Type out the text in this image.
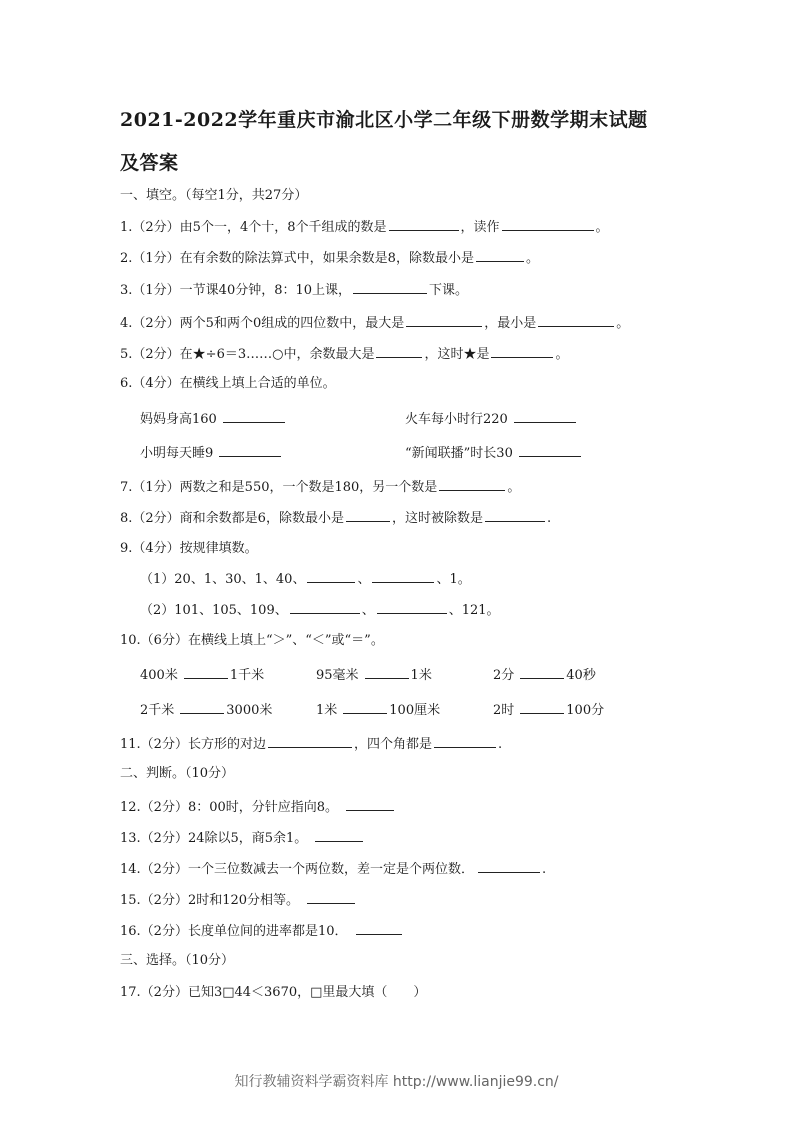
2021-2022学年重庆市渝北区小学二年级下册数学期末试题
及答案
一、填空。（每空1分，共27分）
1.（2分）由5个一，4个十，8个千组成的数是	，读作	。
2.（1分）在有余数的除法算式中，如果余数是8，除数最小是	。
3.（1分）一节课40分钟，8：10上课，	下课。
4.（2分）两个5和两个0组成的四位数中，最大是	，最小是	。
5.（2分）在★÷6＝3……○中，余数最大是	，这时★是	。
6.（4分）在横线上填上合适的单位。
妈妈身高160	火车每小时行220
小明每天睡9	“新闻联播”时长30
7.（1分）两数之和是550，一个数是180，另一个数是	。
8.（2分）商和余数都是6，除数最小是	，这时被除数是	.
9.（4分）按规律填数。
（1）20、1、30、1、40、	、	、1。
（2）101、105、109、	、	、121。
10.（6分）在横线上填上“＞”、“＜”或“＝”。
400米	1千米	95毫米	1米	2分	40秒
2千米	3000米	1米	100厘米	2时	100分
11.（2分）长方形的对边	，四个角都是	.
二、判断。（10分）
12.（2分）8：00时，分针应指向8。
13.（2分）24除以5，商5余1。
14.（2分）一个三位数减去一个两位数，差一定是个两位数．	.
15.（2分）2时和120分相等。
16.（2分）长度单位间的进率都是10．
三、选择。（10分）
17.（2分）已知3□44＜3670，□里最大填（　　）
知行教辅资料学霸资料库 http://www.lianjie99.cn/
